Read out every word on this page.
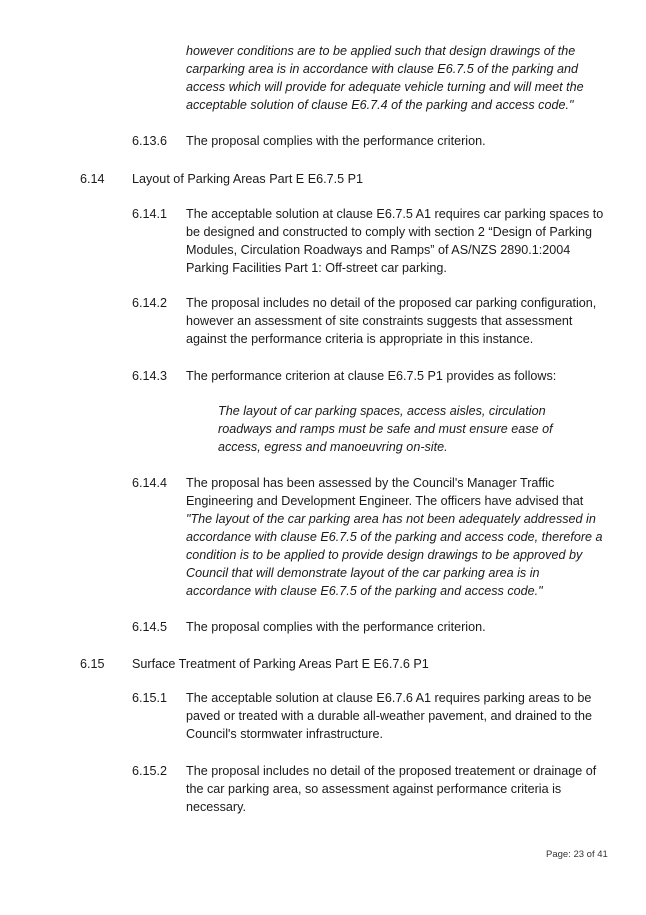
however conditions are to be applied such that design drawings of the carparking area is in accordance with clause E6.7.5 of the parking and access which will provide for adequate vehicle turning and will meet the acceptable solution of clause E6.7.4 of the parking and access code."

6.13.6 The proposal complies with the performance criterion.

6.14 Layout of Parking Areas Part E E6.7.5 P1

6.14.1 The acceptable solution at clause E6.7.5 A1 requires car parking spaces to be designed and constructed to comply with section 2 “Design of Parking Modules, Circulation Roadways and Ramps” of AS/NZS 2890.1:2004 Parking Facilities Part 1: Off-street car parking.

6.14.2 The proposal includes no detail of the proposed car parking configuration, however an assessment of site constraints suggests that assessment against the performance criteria is appropriate in this instance.

6.14.3 The performance criterion at clause E6.7.5 P1 provides as follows:

The layout of car parking spaces, access aisles, circulation roadways and ramps must be safe and must ensure ease of access, egress and manoeuvring on-site.

6.14.4 The proposal has been assessed by the Council's Manager Traffic Engineering and Development Engineer. The officers have advised that "The layout of the car parking area has not been adequately addressed in accordance with clause E6.7.5 of the parking and access code, therefore a condition is to be applied to provide design drawings to be approved by Council that will demonstrate layout of the car parking area is in accordance with clause E6.7.5 of the parking and access code."
6.14.5 The proposal complies with the performance criterion.

6.15 Surface Treatment of Parking Areas Part E E6.7.6 P1

6.15.1 The acceptable solution at clause E6.7.6 A1 requires parking areas to be paved or treated with a durable all-weather pavement, and drained to the Council's stormwater infrastructure.

6.15.2 The proposal includes no detail of the proposed treatement or drainage of the car parking area, so assessment against performance criteria is necessary.

Page: 23 of 41
